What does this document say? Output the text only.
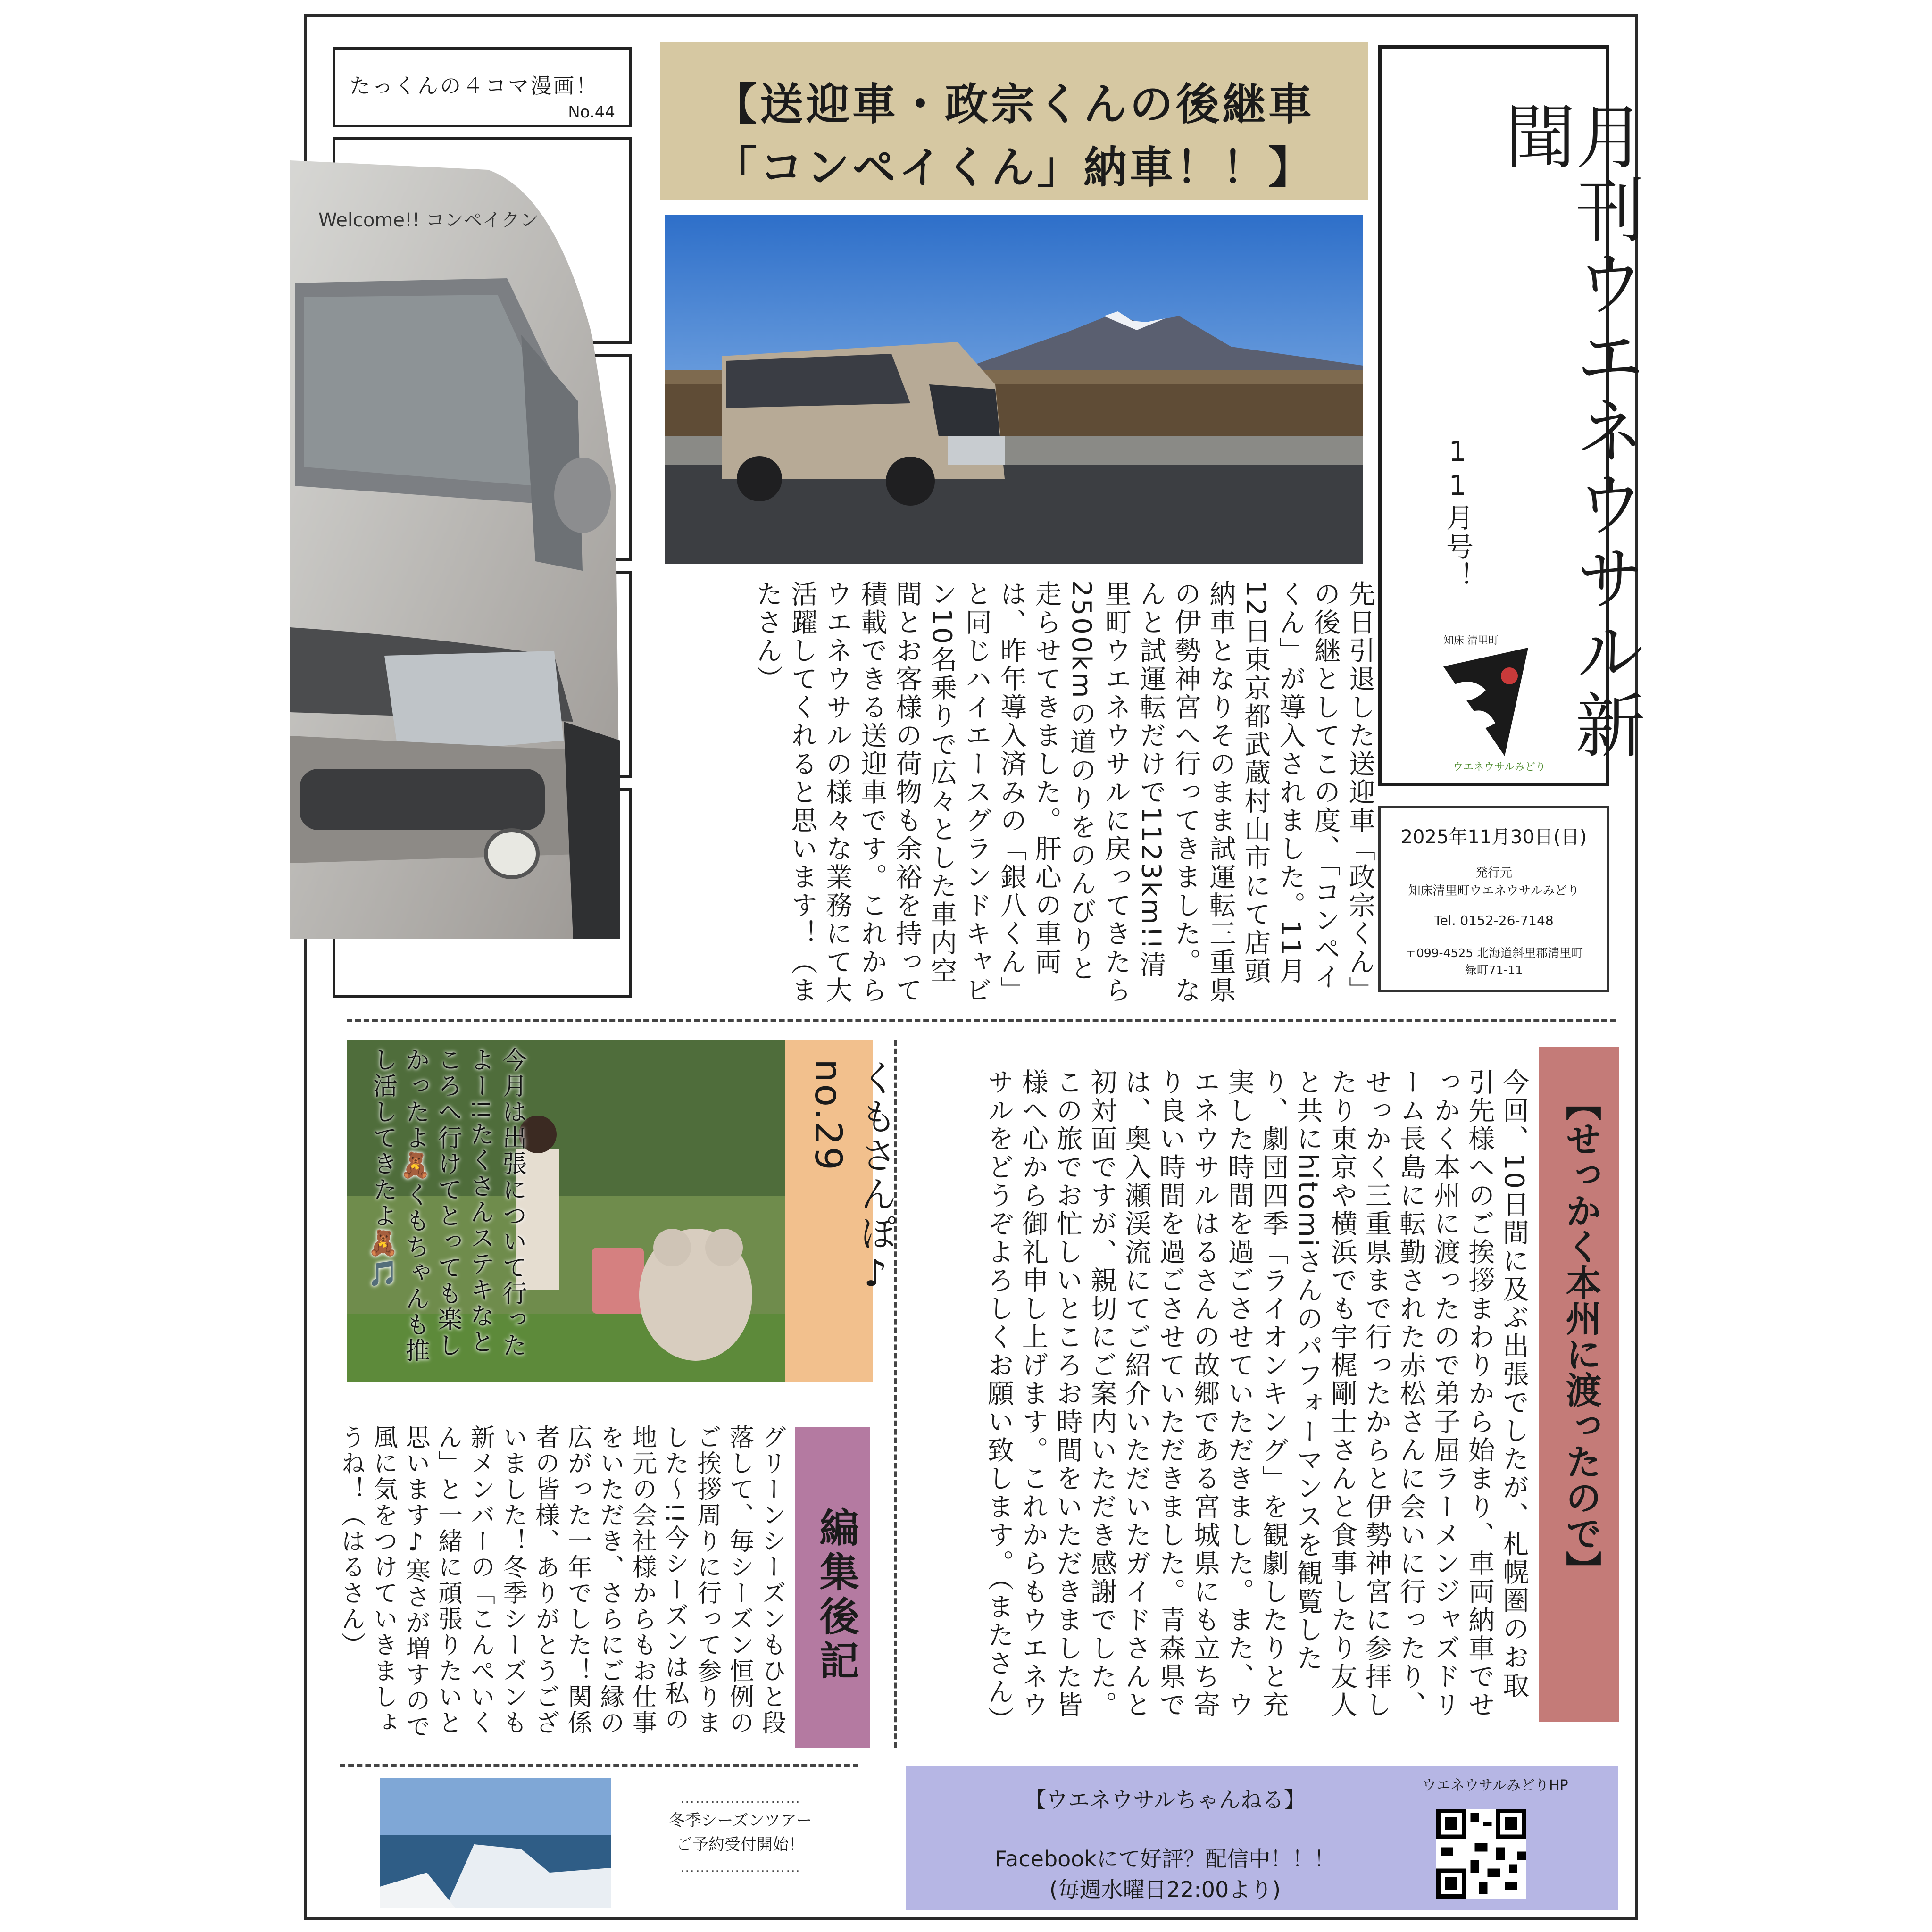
たっくんの４コマ漫画！
No.44
Welcome!! コンペイクン
【送迎車・政宗くんの後継車
「コンペイくん」納車！！】	月刊ウエネウサル新聞
11月号！
知床 清里町
ウエネウサルみどり
2025年11月30日(日)
発行元
知床清里町ウエネウサルみどり
Tel. 0152-26-7148
〒099-4525 北海道斜里郡清里町
緑町71-11
先日引退した送迎車「政宗くん」の後継としてこの度、「コンペイくん」が導入されました。11月12日東京都武蔵村山市にて店頭納車となりそのまま試運転三重県の伊勢神宮へ行ってきました。なんと試運転だけで1123km!!清里町ウエネウサルに戻ってきたら2500kmの道のりをのんびりと走らせてきました。肝心の車両は、昨年導入済みの「銀八くん」と同じハイエースグランドキャビン10名乗りで広々とした車内空間とお客様の荷物も余裕を持って積載できる送迎車です。これからウエネウサルの様々な業務にて大活躍してくれると思います！（またさん）
【せっかく本州に渡ったので】
今回、10日間に及ぶ出張でしたが、札幌圏のお取引先様へのご挨拶まわりから始まり、車両納車でせっかく本州に渡ったので弟子屈ラーメンジャズドリーム長島に転勤された赤松さんに会いに行ったり、せっかく三重県まで行ったからと伊勢神宮に参拝したり東京や横浜でも宇梶剛士さんと食事したり友人と共にhitomiさんのパフォーマンスを観覧したり、劇団四季「ライオンキング」を観劇したりと充実した時間を過ごさせていただきました。また、ウエネウサルはるさんの故郷である宮城県にも立ち寄り良い時間を過ごさせていただきました。青森県では、奥入瀬渓流にてご紹介いただいたガイドさんと初対面ですが、親切にご案内いただき感謝でした。この旅でお忙しいところお時間をいただきました皆様へ心から御礼申し上げます。これからもウエネウサルをどうぞよろしくお願い致します。（またさん）
くもさんぽ♪ no.29
今月は出張について行ったよー!!たくさんステキなところへ行けてとっても楽しかったよ🧸くもちゃんも推し活してきたよ🧸🎵
編集後記
グリーンシーズンもひと段落して、毎シーズン恒例のご挨拶周りに行って参りました〜!!今シーズンは私の地元の会社様からもお仕事をいただき、さらにご縁の広がった一年でした！関係者の皆様、ありがとうございました！冬季シーズンも新メンバーの「こんぺいくん」と一緒に頑張りたいと思います♪寒さが増すので風に気をつけていきましょうね！（はるさん）
……………………
冬季シーズンツアー
ご予約受付開始！
……………………
【ウエネウサルちゃんねる】
Facebookにて好評？配信中！！！
(毎週水曜日22:00より)
ウエネウサルみどりHP
